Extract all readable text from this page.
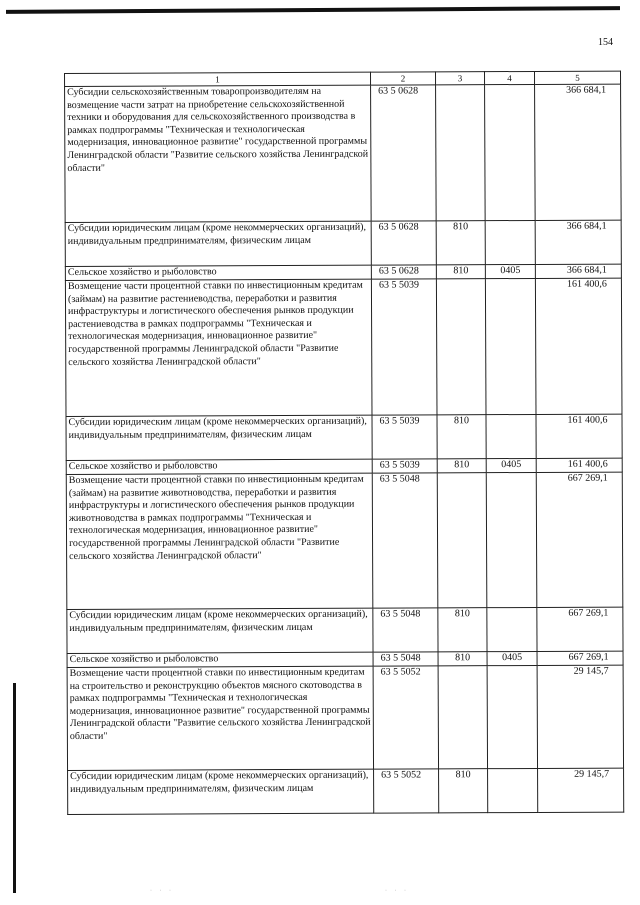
154
1	2	3	4	5
Субсидии сельскохозяйственным товаропроизводителям на возмещение части затрат на приобретение сельскохозяйственной техники и оборудования для сельскохозяйственного производства в рамках подпрограммы "Техническая и технологическая модернизация, инновационное развитие" государственной программы Ленинградской области "Развитие сельского хозяйства Ленинградской области"	63 5 0628			366 684,1
Субсидии юридическим лицам (кроме некоммерческих организаций), индивидуальным предпринимателям, физическим лицам	63 5 0628	810		366 684,1
Сельское хозяйство и рыболовство	63 5 0628	810	0405	366 684,1
Возмещение части процентной ставки по инвестиционным кредитам (займам) на развитие растениеводства, переработки и развития инфраструктуры и логистического обеспечения рынков продукции растениеводства в рамках подпрограммы "Техническая и технологическая модернизация, инновационное развитие" государственной программы Ленинградской области "Развитие сельского хозяйства Ленинградской области"	63 5 5039			161 400,6
Субсидии юридическим лицам (кроме некоммерческих организаций), индивидуальным предпринимателям, физическим лицам	63 5 5039	810		161 400,6
Сельское хозяйство и рыболовство	63 5 5039	810	0405	161 400,6
Возмещение части процентной ставки по инвестиционным кредитам (займам) на развитие животноводства, переработки и развития инфраструктуры и логистического обеспечения рынков продукции животноводства в рамках подпрограммы "Техническая и технологическая модернизация, инновационное развитие" государственной программы Ленинградской области "Развитие сельского хозяйства Ленинградской области"	63 5 5048			667 269,1
Субсидии юридическим лицам (кроме некоммерческих организаций), индивидуальным предпринимателям, физическим лицам	63 5 5048	810		667 269,1
Сельское хозяйство и рыболовство	63 5 5048	810	0405	667 269,1
Возмещение части процентной ставки по инвестиционным кредитам на строительство и реконструкцию объектов мясного скотоводства в рамках подпрограммы "Техническая и технологическая модернизация, инновационное развитие" государственной программы Ленинградской области "Развитие сельского хозяйства Ленинградской области"	63 5 5052			29 145,7
Субсидии юридическим лицам (кроме некоммерческих организаций), индивидуальным предпринимателям, физическим лицам	63 5 5052	810		29 145,7
· · ·	· · ·
